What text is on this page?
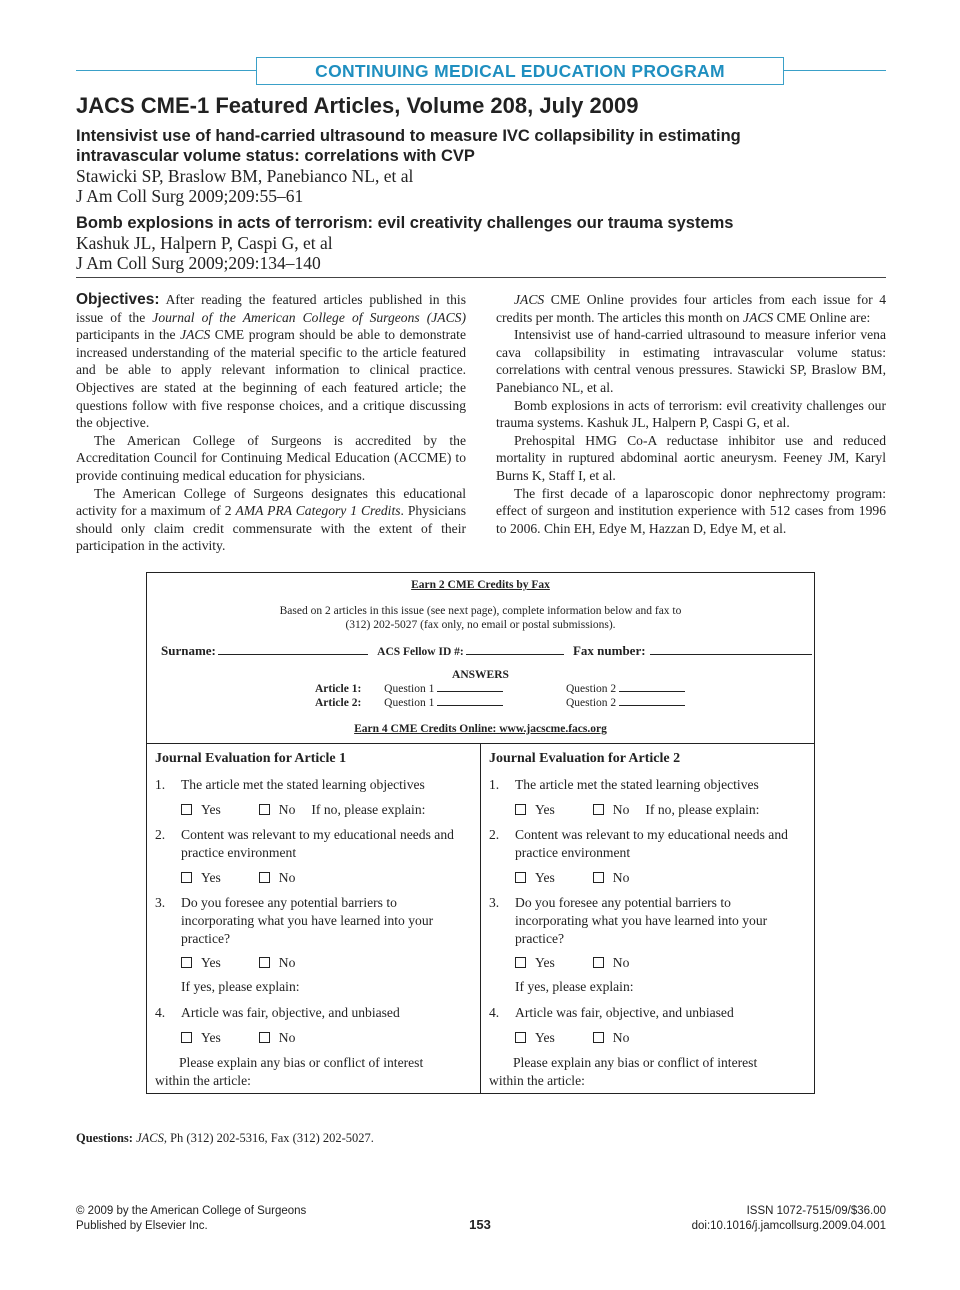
CONTINUING MEDICAL EDUCATION PROGRAM
JACS CME-1 Featured Articles, Volume 208, July 2009
Intensivist use of hand-carried ultrasound to measure IVC collapsibility in estimating
intravascular volume status: correlations with CVP
Stawicki SP, Braslow BM, Panebianco NL, et al
J Am Coll Surg 2009;209:55–61
Bomb explosions in acts of terrorism: evil creativity challenges our trauma systems
Kashuk JL, Halpern P, Caspi G, et al
J Am Coll Surg 2009;209:134–140

Objectives: After reading the featured articles published in this issue of the Journal of the American College of Surgeons (JACS) participants in the JACS CME program should be able to demonstrate increased understanding of the material specific to the article featured and be able to apply relevant information to clinical practice. Objectives are stated at the beginning of each featured article; the questions follow with five response choices, and a critique discussing the objective.

The American College of Surgeons is accredited by the Accreditation Council for Continuing Medical Education (ACCME) to provide continuing medical education for physicians.

The American College of Surgeons designates this educational activity for a maximum of 2 AMA PRA Category 1 Credits. Physicians should only claim credit commensurate with the extent of their participation in the activity.

JACS CME Online provides four articles from each issue for 4 credits per month. The articles this month on JACS CME Online are:

Intensivist use of hand-carried ultrasound to measure inferior vena cava collapsibility in estimating intravascular volume status: correlations with central venous pressures. Stawicki SP, Braslow BM, Panebianco NL, et al.

Bomb explosions in acts of terrorism: evil creativity challenges our trauma systems. Kashuk JL, Halpern P, Caspi G, et al.

Prehospital HMG Co-A reductase inhibitor use and reduced mortality in ruptured abdominal aortic aneurysm. Feeney JM, Karyl Burns K, Staff I, et al.

The first decade of a laparoscopic donor nephrectomy program: effect of surgeon and institution experience with 512 cases from 1996 to 2006. Chin EH, Edye M, Hazzan D, Edye M, et al.

Earn 2 CME Credits by Fax
Based on 2 articles in this issue (see next page), complete information below and fax to
(312) 202-5027 (fax only, no email or postal submissions).
Surname:	ACS Fellow ID #:	Fax number:
ANSWERS
Article 1: Question 1	Question 2
Article 2: Question 1	Question 2
Earn 4 CME Credits Online: www.jacscme.facs.org
Journal Evaluation for Article 1
1. The article met the stated learning objectives
Yes	No If no, please explain:
2. Content was relevant to my educational needs and practice environment
Yes	No
3. Do you foresee any potential barriers to incorporating what you have learned into your practice?
Yes	No
If yes, please explain:
4. Article was fair, objective, and unbiased
Yes	No
Please explain any bias or conflict of interest
within the article:
Journal Evaluation for Article 2
1. The article met the stated learning objectives
Yes	No If no, please explain:
2. Content was relevant to my educational needs and practice environment
Yes	No
3. Do you foresee any potential barriers to incorporating what you have learned into your practice?
Yes	No
If yes, please explain:
4. Article was fair, objective, and unbiased
Yes	No
Please explain any bias or conflict of interest
within the article:
Questions: JACS, Ph (312) 202-5316, Fax (312) 202-5027.
© 2009 by the American College of Surgeons
Published by Elsevier Inc.	153
ISSN 1072-7515/09/$36.00
doi:10.1016/j.jamcollsurg.2009.04.001
